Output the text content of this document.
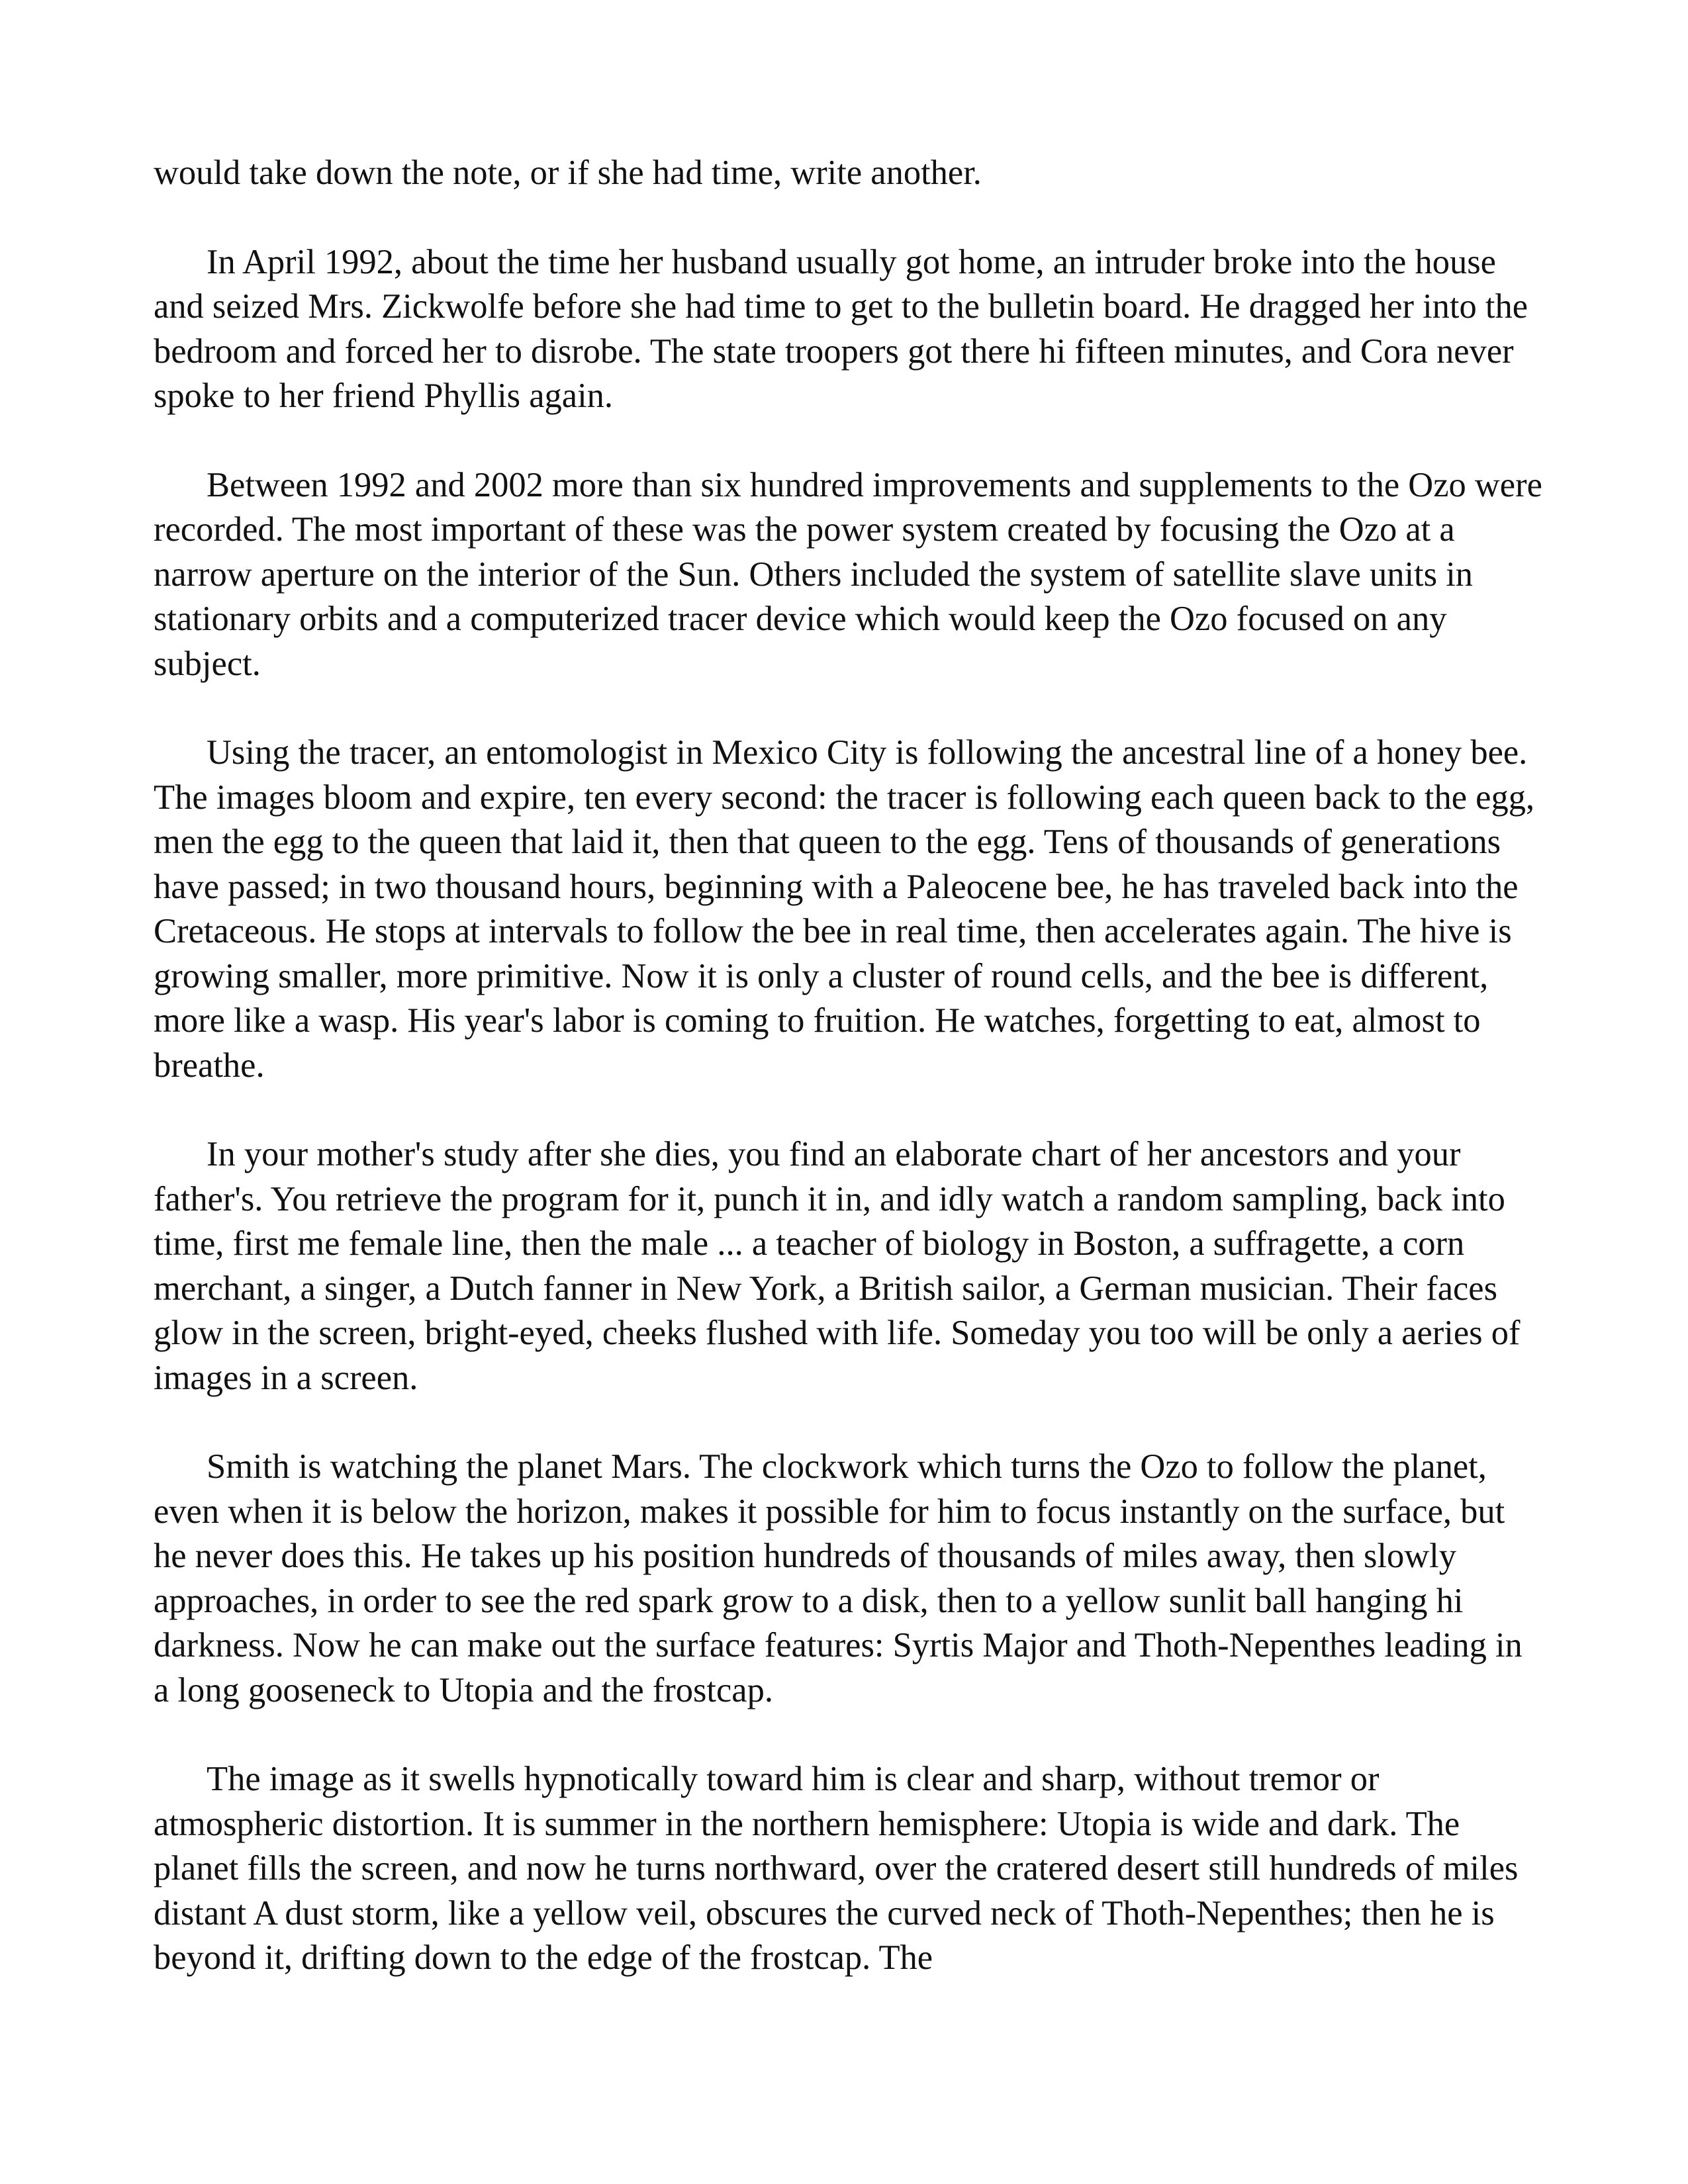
would take down the note, or if she had time, write another.

In April 1992, about the time her husband usually got home, an intruder broke into the house and seized Mrs. Zickwolfe before she had time to get to the bulletin board. He dragged her into the bedroom and forced her to disrobe. The state troopers got there hi fifteen minutes, and Cora never spoke to her friend Phyllis again.

Between 1992 and 2002 more than six hundred improvements and supplements to the Ozo were recorded. The most important of these was the power system created by focusing the Ozo at a narrow aperture on the interior of the Sun. Others included the system of satellite slave units in stationary orbits and a computerized tracer device which would keep the Ozo focused on any subject.

Using the tracer, an entomologist in Mexico City is following the ancestral line of a honey bee. The images bloom and expire, ten every second: the tracer is following each queen back to the egg, men the egg to the queen that laid it, then that queen to the egg. Tens of thousands of generations have passed; in two thousand hours, beginning with a Paleocene bee, he has traveled back into the Cretaceous. He stops at intervals to follow the bee in real time, then accelerates again. The hive is growing smaller, more primitive. Now it is only a cluster of round cells, and the bee is different, more like a wasp. His year's labor is coming to fruition. He watches, forgetting to eat, almost to breathe.

In your mother's study after she dies, you find an elaborate chart of her ancestors and your father's. You retrieve the program for it, punch it in, and idly watch a random sampling, back into time, first me female line, then the male ... a teacher of biology in Boston, a suffragette, a corn merchant, a singer, a Dutch fanner in New York, a British sailor, a German musician. Their faces glow in the screen, bright-eyed, cheeks flushed with life. Someday you too will be only a aeries of images in a screen.

Smith is watching the planet Mars. The clockwork which turns the Ozo to follow the planet, even when it is below the horizon, makes it possible for him to focus instantly on the surface, but he never does this. He takes up his position hundreds of thousands of miles away, then slowly approaches, in order to see the red spark grow to a disk, then to a yellow sunlit ball hanging hi darkness. Now he can make out the surface features: Syrtis Major and Thoth-Nepenthes leading in a long gooseneck to Utopia and the frostcap.

The image as it swells hypnotically toward him is clear and sharp, without tremor or atmospheric distortion. It is summer in the northern hemisphere: Utopia is wide and dark. The planet fills the screen, and now he turns northward, over the cratered desert still hundreds of miles distant A dust storm, like a yellow veil, obscures the curved neck of Thoth-Nepenthes; then he is beyond it, drifting down to the edge of the frostcap. The
